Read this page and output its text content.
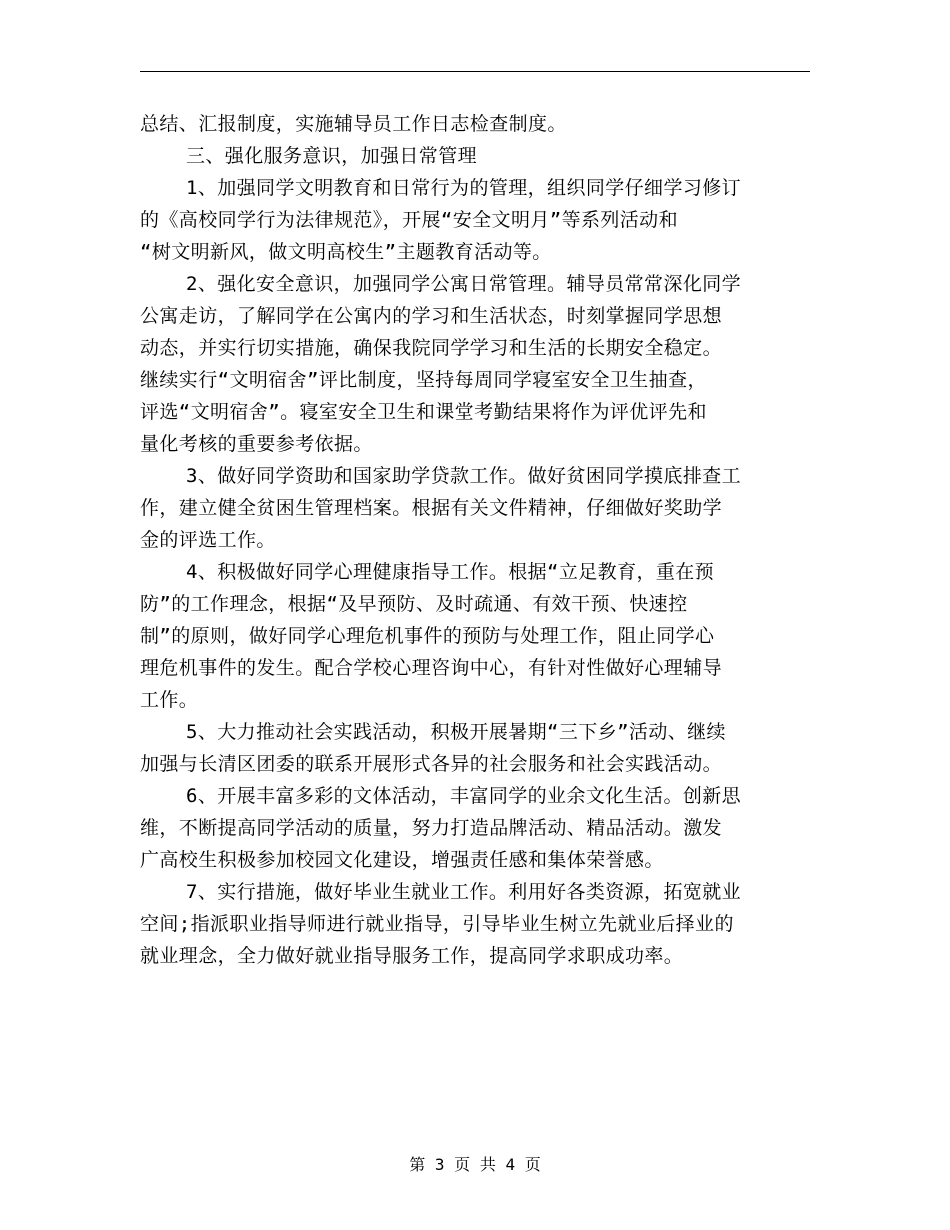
总结、汇报制度，实施辅导员工作日志检查制度。
三、强化服务意识，加强日常管理
1、加强同学文明教育和日常行为的管理，组织同学仔细学习修订
的《高校同学行为法律规范》，开展“安全文明月”等系列活动和
“树文明新风，做文明高校生”主题教育活动等。
2、强化安全意识，加强同学公寓日常管理。辅导员常常深化同学
公寓走访，了解同学在公寓内的学习和生活状态，时刻掌握同学思想
动态，并实行切实措施，确保我院同学学习和生活的长期安全稳定。
继续实行“文明宿舍”评比制度，坚持每周同学寝室安全卫生抽查，
评选“文明宿舍”。寝室安全卫生和课堂考勤结果将作为评优评先和
量化考核的重要参考依据。
3、做好同学资助和国家助学贷款工作。做好贫困同学摸底排查工
作，建立健全贫困生管理档案。根据有关文件精神，仔细做好奖助学
金的评选工作。
4、积极做好同学心理健康指导工作。根据“立足教育，重在预
防”的工作理念，根据“及早预防、及时疏通、有效干预、快速控
制”的原则，做好同学心理危机事件的预防与处理工作，阻止同学心
理危机事件的发生。配合学校心理咨询中心，有针对性做好心理辅导
工作。
5、大力推动社会实践活动，积极开展暑期“三下乡”活动、继续
加强与长清区团委的联系开展形式各异的社会服务和社会实践活动。
6、开展丰富多彩的文体活动，丰富同学的业余文化生活。创新思
维，不断提高同学活动的质量，努力打造品牌活动、精品活动。激发
广高校生积极参加校园文化建设，增强责任感和集体荣誉感。
7、实行措施，做好毕业生就业工作。利用好各类资源，拓宽就业
空间;指派职业指导师进行就业指导，引导毕业生树立先就业后择业的
就业理念，全力做好就业指导服务工作，提高同学求职成功率。
第 3 页 共 4 页
